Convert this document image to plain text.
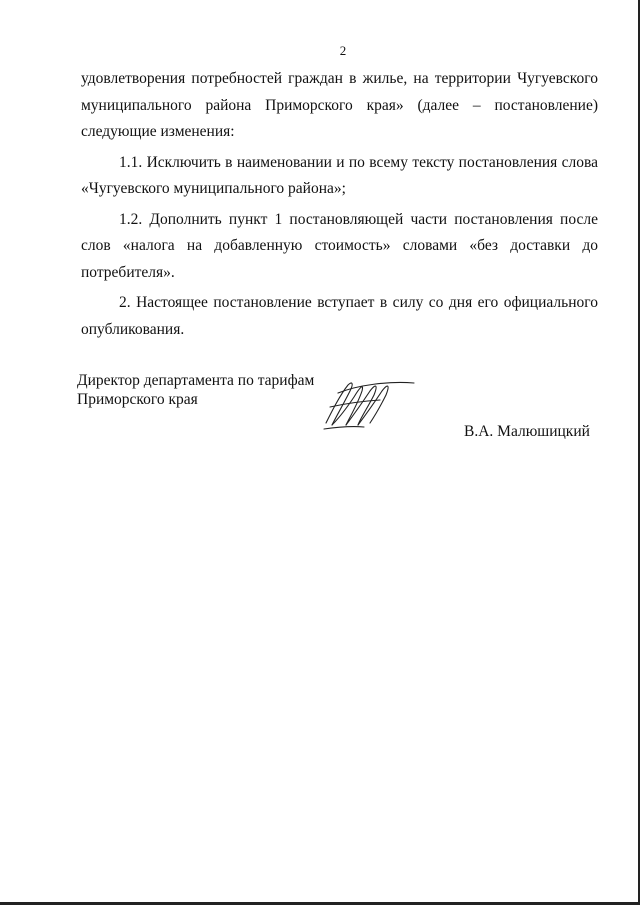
2

удовлетворения потребностей граждан в жилье, на территории Чугуевского муниципального района Приморского края» (далее – постановление) следующие изменения:

1.1. Исключить в наименовании и по всему тексту постановления слова «Чугуевского муниципального района»;

1.2. Дополнить пункт 1 постановляющей части постановления после слов «налога на добавленную стоимость» словами «без доставки до потребителя».

2. Настоящее постановление вступает в силу со дня его официального опубликования.

Директор департамента по тарифам
Приморского края
В.А. Малюшицкий
